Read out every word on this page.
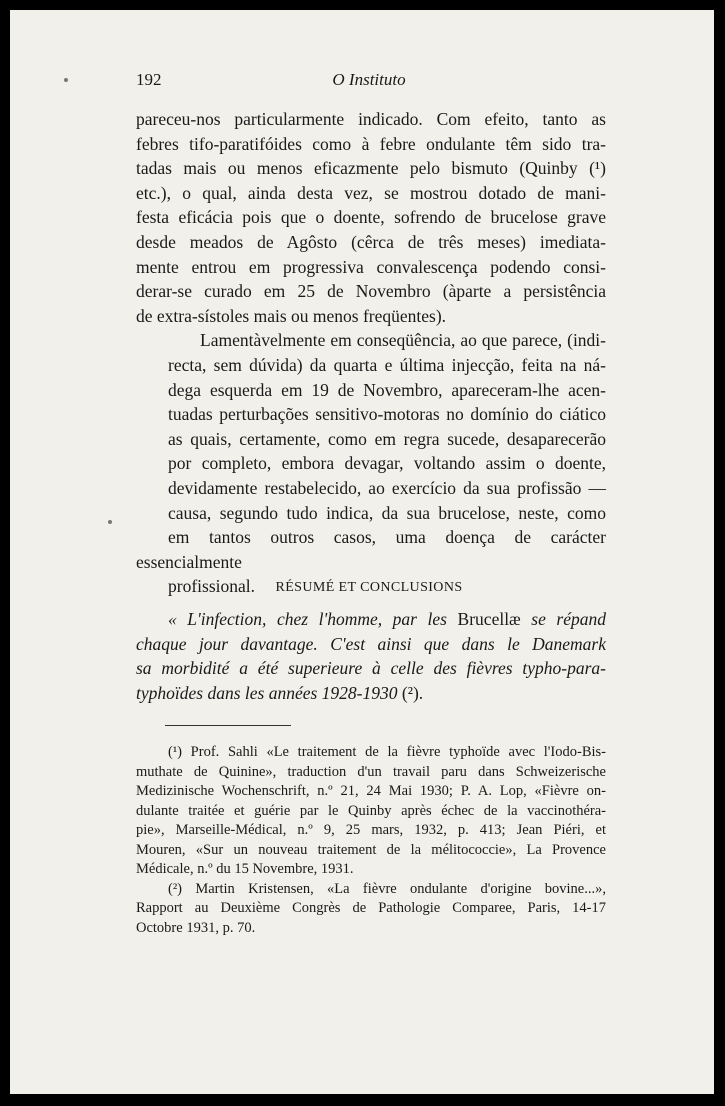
192	O Instituto

pareceu-nos particularmente indicado. Com efeito, tanto as
febres tifo-paratifóides como à febre ondulante têm sido tra-
tadas mais ou menos eficazmente pelo bismuto (Quinby (¹)
etc.), o qual, ainda desta vez, se mostrou dotado de mani-
festa eficácia pois que o doente, sofrendo de brucelose grave
desde meados de Agôsto (cêrca de três meses) imediata-
mente entrou em progressiva convalescença podendo consi-
derar-se curado em 25 de Novembro (àparte a persistência
de extra-sístoles mais ou menos freqüentes).

Lamentàvelmente em conseqüência, ao que parece, (indi-
recta, sem dúvida) da quarta e última injecção, feita na ná-
dega esquerda em 19 de Novembro, apareceram-lhe acen-
tuadas perturbações sensitivo-motoras no domínio do ciático
as quais, certamente, como em regra sucede, desaparecerão
por completo, embora devagar, voltando assim o doente,
devidamente restabelecido, ao exercício da sua profissão —
causa, segundo tudo indica, da sua brucelose, neste, como
em tantos outros casos, uma doença de carácter essencialmente
profissional.	RÉSUMÉ ET CONCLUSIONS
« L'infection, chez l'homme, par les Brucellæ se répand
chaque jour davantage. C'est ainsi que dans le Danemark
sa morbidité a été superieure à celle des fièvres typho-para-
typhoïdes dans les années 1928-1930 (²).
(¹) Prof. Sahli «Le traitement de la fièvre typhoïde avec l'Iodo-Bis-
muthate de Quinine», traduction d'un travail paru dans Schweizerische
Medizinische Wochenschrift, n.º 21, 24 Mai 1930; P. A. Lop, «Fièvre on-
dulante traitée et guérie par le Quinby après échec de la vaccinothéra-
pie», Marseille-Médical, n.º 9, 25 mars, 1932, p. 413; Jean Piéri, et
Mouren, «Sur un nouveau traitement de la mélitococcie», La Provence
Médicale, n.º du 15 Novembre, 1931.
(²) Martin Kristensen, «La fièvre ondulante d'origine bovine...»,
Rapport au Deuxième Congrès de Pathologie Comparee, Paris, 14-17
Octobre 1931, p. 70.
